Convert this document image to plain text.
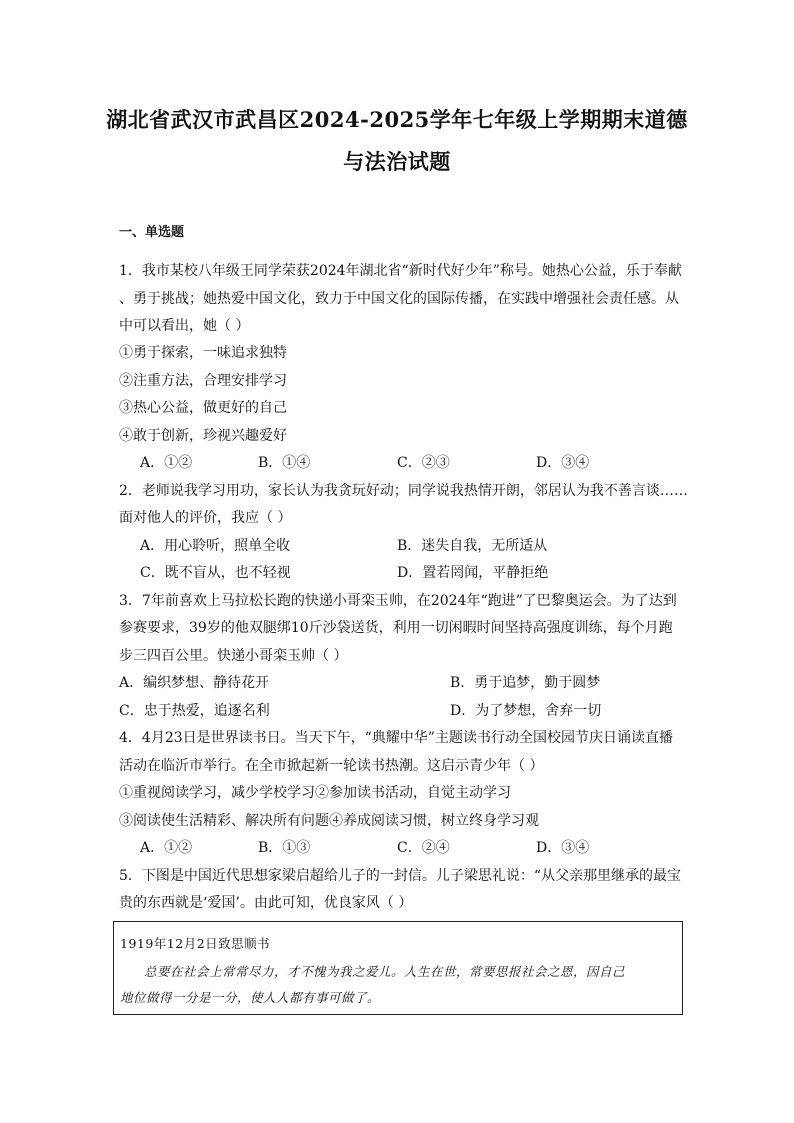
湖北省武汉市武昌区2024-2025学年七年级上学期期末道德
与法治试题
一、单选题
1．我市某校八年级王同学荣获2024年湖北省“新时代好少年”称号。她热心公益，乐于奉献
、勇于挑战；她热爱中国文化，致力于中国文化的国际传播，在实践中增强社会责任感。从
中可以看出，她（ ）
①勇于探索，一味追求独特
②注重方法，合理安排学习
③热心公益，做更好的自己
④敢于创新，珍视兴趣爱好
A．①②	B．①④	C．②③	D．③④
2．老师说我学习用功，家长认为我贪玩好动；同学说我热情开朗，邻居认为我不善言谈……
面对他人的评价，我应（ ）
A．用心聆听，照单全收	B．迷失自我，无所适从
C．既不盲从，也不轻视	D．置若罔闻，平静拒绝
3．7年前喜欢上马拉松长跑的快递小哥栾玉帅，在2024年“跑进”了巴黎奥运会。为了达到
参赛要求，39岁的他双腿绑10斤沙袋送货，利用一切闲暇时间坚持高强度训练，每个月跑
步三四百公里。快递小哥栾玉帅（ ）
A．编织梦想、静待花开	B．勇于追梦，勤于圆梦
C．忠于热爱，追逐名利	D．为了梦想，舍弃一切
4．4月23日是世界读书日。当天下午，“典耀中华”主题读书行动全国校园节庆日诵读直播
活动在临沂市举行。在全市掀起新一轮读书热潮。这启示青少年（ ）
①重视阅读学习，减少学校学习②参加读书活动，自觉主动学习
③阅读使生活精彩、解决所有问题④养成阅读习惯，树立终身学习观
A．①②	B．①③	C．②④	D．③④
5．下图是中国近代思想家梁启超给儿子的一封信。儿子梁思礼说：“从父亲那里继承的最宝
贵的东西就是‘爱国’。由此可知，优良家风（ ）
1919年12月2日致思顺书
总要在社会上常常尽力，才不愧为我之爱儿。人生在世，常要思报社会之恩，因自己
地位做得一分是一分，使人人都有事可做了。
